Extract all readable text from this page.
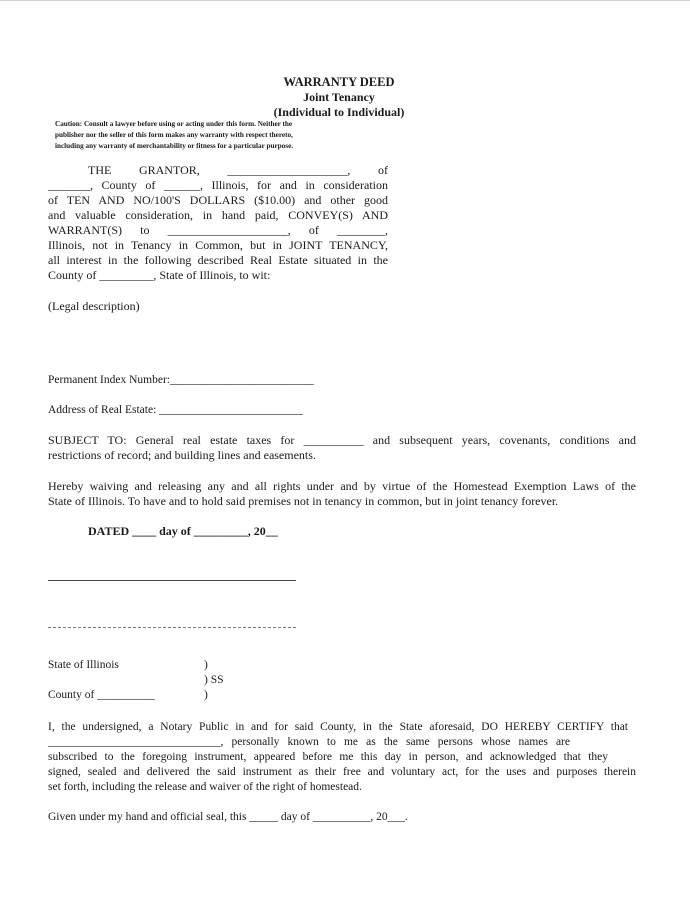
WARRANTY DEED
Joint Tenancy
(Individual to Individual)
Caution: Consult a lawyer before using or acting under this form. Neither the
publisher nor the seller of this form makes any warranty with respect thereto,
including any warranty of merchantability or fitness for a particular purpose.
THE GRANTOR, ____________________, of
_______, County of ______, Illinois, for and in consideration
of TEN AND NO/100'S DOLLARS ($10.00) and other good
and valuable consideration, in hand paid, CONVEY(S) AND
WARRANT(S) to ____________________, of ________,
Illinois, not in Tenancy in Common, but in JOINT TENANCY,
all interest in the following described Real Estate situated in the
County of _________, State of Illinois, to wit:
(Legal description)
Permanent Index Number:_________________________
Address of Real Estate: _________________________
SUBJECT TO: General real estate taxes for __________ and subsequent years, covenants, conditions and
restrictions of record; and building lines and easements.
Hereby waiving and releasing any and all rights under and by virtue of the Homestead Exemption Laws of the
State of Illinois. To have and to hold said premises not in tenancy in common, but in joint tenancy forever.
DATED ____ day of _________, 20__
State of Illinois	)
) SS
County of __________	)
I, the undersigned, a Notary Public in and for said County, in the State aforesaid, DO HEREBY CERTIFY that
______________________________, personally known to me as the same persons whose names are
subscribed to the foregoing instrument, appeared before me this day in person, and acknowledged that they
signed, sealed and delivered the said instrument as their free and voluntary act, for the uses and purposes therein
set forth, including the release and waiver of the right of homestead.
Given under my hand and official seal, this _____ day of __________, 20___.
